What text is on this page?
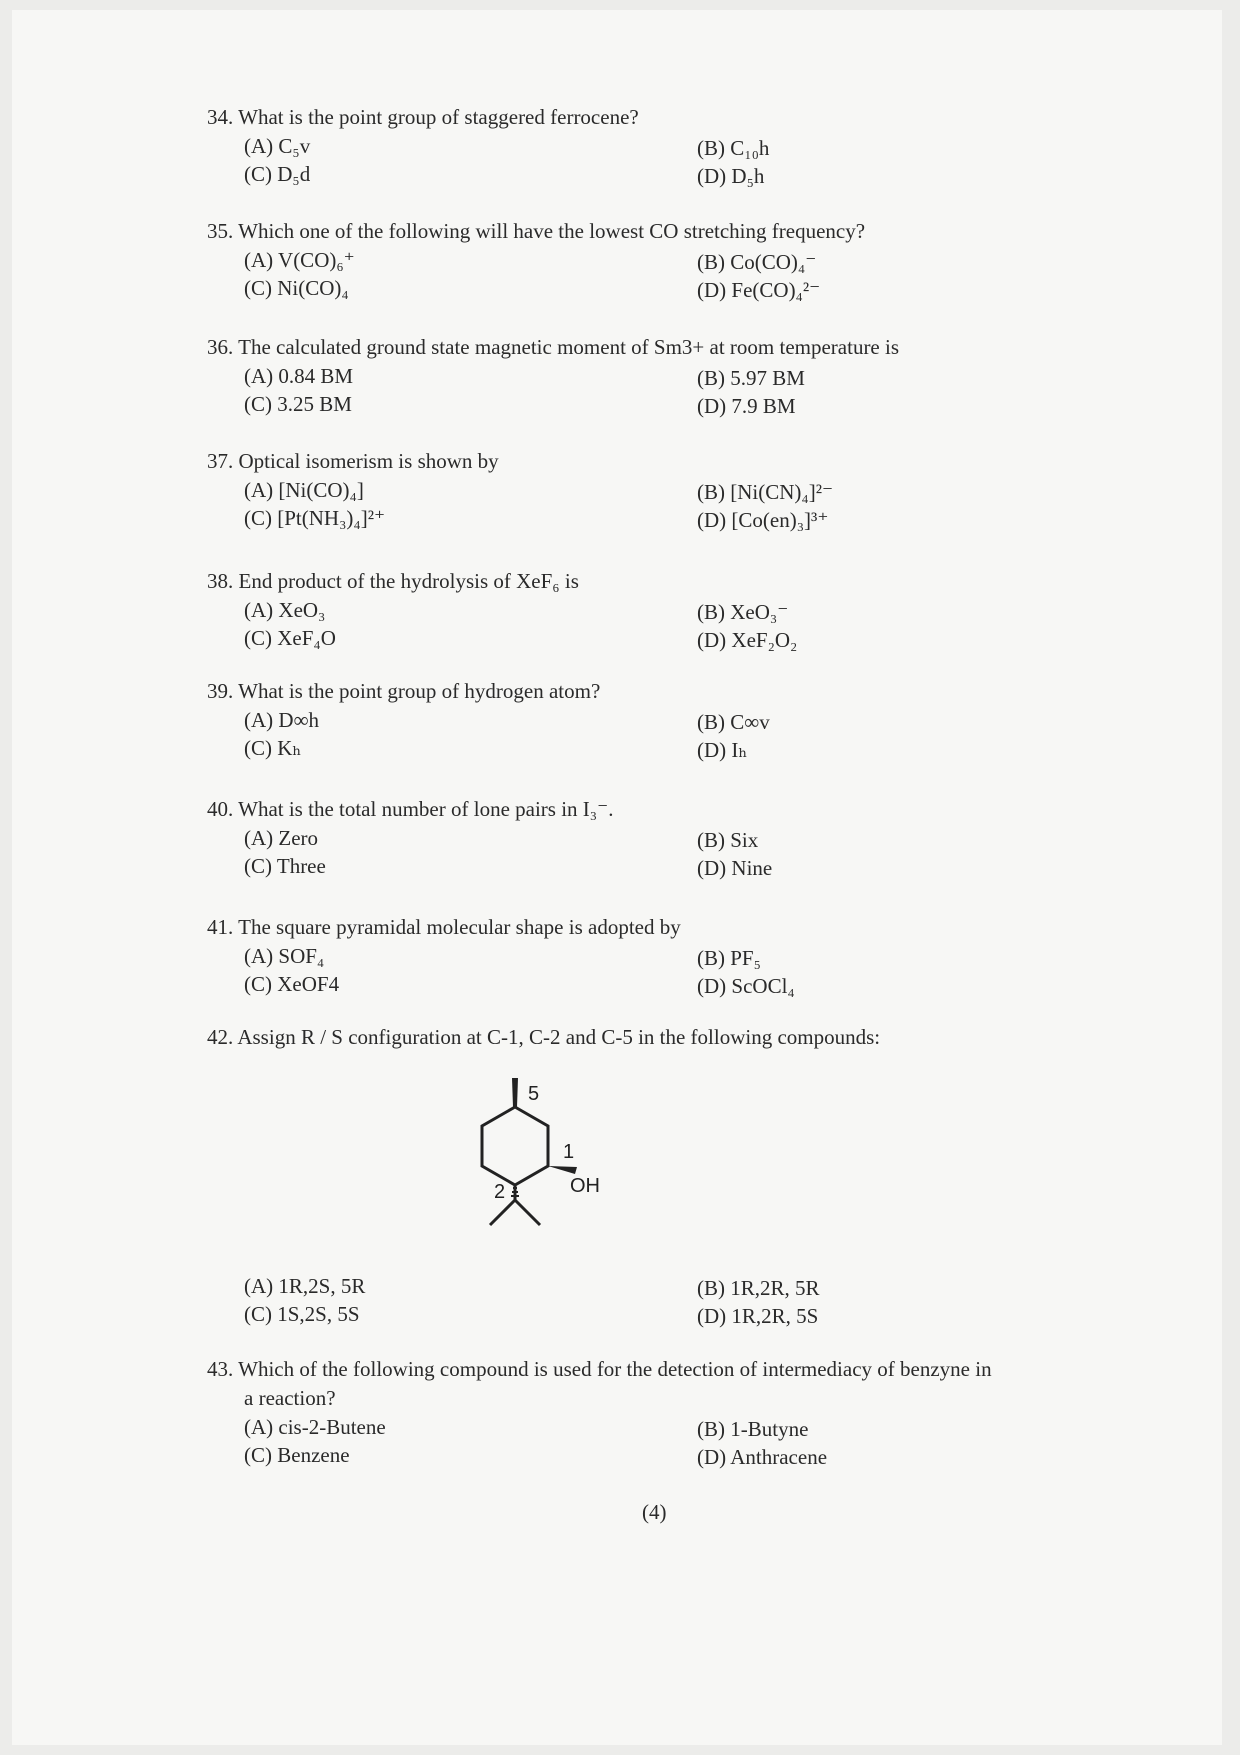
34. What is the point group of staggered ferrocene?
(A) C₅v	(B) C₁₀h
(C) D₅d	(D) D₅h
35. Which one of the following will have the lowest CO stretching frequency?
(A) V(CO)₆⁺	(B) Co(CO)₄⁻
(C) Ni(CO)₄	(D) Fe(CO)₄²⁻
36. The calculated ground state magnetic moment of Sm3+ at room temperature is
(A) 0.84 BM	(B) 5.97 BM
(C) 3.25 BM	(D) 7.9 BM
37. Optical isomerism is shown by
(A) [Ni(CO)₄]	(B) [Ni(CN)₄]²⁻
(C) [Pt(NH₃)₄]²⁺	(D) [Co(en)₃]³⁺
38. End product of the hydrolysis of XeF₆ is
(A) XeO₃	(B) XeO₃⁻
(C) XeF₄O	(D) XeF₂O₂
39. What is the point group of hydrogen atom?
(A) D∞h	(B) C∞v
(C) Kₕ	(D) Iₕ
40. What is the total number of lone pairs in I₃⁻.
(A) Zero	(B) Six
(C) Three	(D) Nine
41. The square pyramidal molecular shape is adopted by
(A) SOF₄	(B) PF₅
(C) XeOF4	(D) ScOCl₄
42. Assign R / S configuration at C-1, C-2 and C-5 in the following compounds:
5
1
OH
2
(A) 1R,2S, 5R	(B) 1R,2R, 5R
(C) 1S,2S, 5S	(D) 1R,2R, 5S
43. Which of the following compound is used for the detection of intermediacy of benzyne in
a reaction?
(A) cis-2-Butene	(B) 1-Butyne
(C) Benzene	(D) Anthracene
(4)
